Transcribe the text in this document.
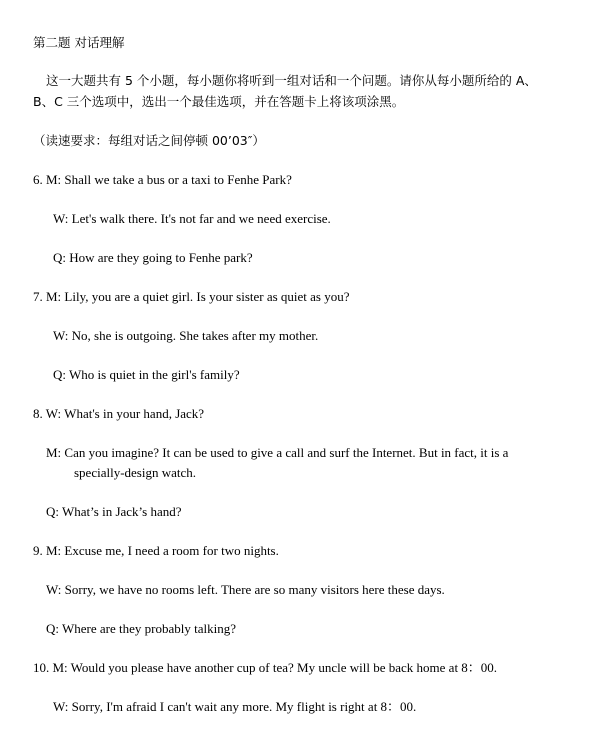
第二题 对话理解
这一大题共有 5 个小题，每小题你将听到一组对话和一个问题。请你从每小题所给的 A、
B、C 三个选项中，选出一个最佳选项，并在答题卡上将该项涂黑。
（读速要求：每组对话之间停顿 00’03″）
6. M: Shall we take a bus or a taxi to Fenhe Park?
W: Let's walk there. It's not far and we need exercise.
Q: How are they going to Fenhe park?
7. M: Lily, you are a quiet girl. Is your sister as quiet as you?
W: No, she is outgoing. She takes after my mother.
Q: Who is quiet in the girl's family?
8. W: What's in your hand, Jack?
M: Can you imagine? It can be used to give a call and surf the Internet. But in fact, it is a
specially-design watch.
Q: What’s in Jack’s hand?
9. M: Excuse me, I need a room for two nights.
W: Sorry, we have no rooms left. There are so many visitors here these days.
Q: Where are they probably talking?
10. M: Would you please have another cup of tea? My uncle will be back home at 8：00.
W: Sorry, I'm afraid I can't wait any more. My flight is right at 8：00.
